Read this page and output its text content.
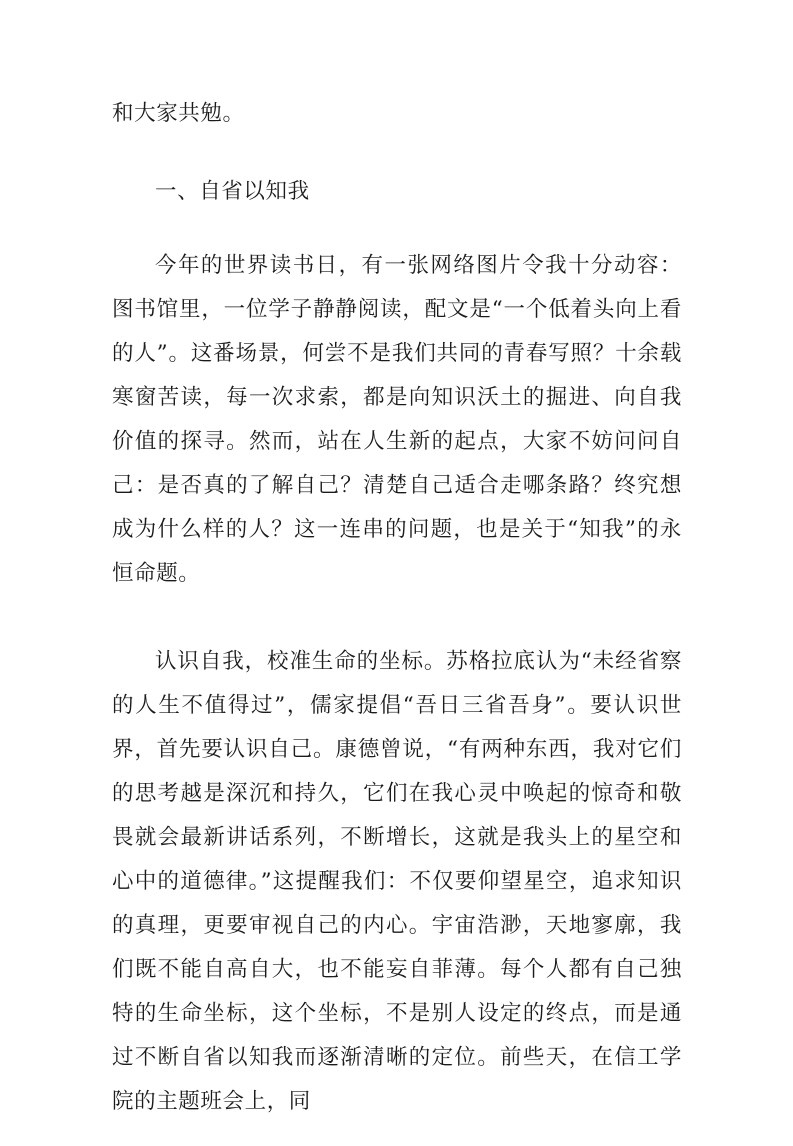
和大家共勉。

一、自省以知我

今年的世界读书日，有一张网络图片令我十分动容：图书馆里，一位学子静静阅读，配文是“一个低着头向上看的人”。这番场景，何尝不是我们共同的青春写照？十余载寒窗苦读，每一次求索，都是向知识沃土的掘进、向自我价值的探寻。然而，站在人生新的起点，大家不妨问问自己：是否真的了解自己？清楚自己适合走哪条路？终究想成为什么样的人？这一连串的问题，也是关于“知我”的永恒命题。

认识自我，校准生命的坐标。苏格拉底认为“未经省察的人生不值得过”，儒家提倡“吾日三省吾身”。要认识世界，首先要认识自己。康德曾说，“有两种东西，我对它们的思考越是深沉和持久，它们在我心灵中唤起的惊奇和敬畏就会最新讲话系列，不断增长，这就是我头上的星空和心中的道德律。”这提醒我们：不仅要仰望星空，追求知识的真理，更要审视自己的内心。宇宙浩渺，天地寥廓，我们既不能自高自大，也不能妄自菲薄。每个人都有自己独特的生命坐标，这个坐标，不是别人设定的终点，而是通过不断自省以知我而逐渐清晰的定位。前些天，在信工学院的主题班会上，同
